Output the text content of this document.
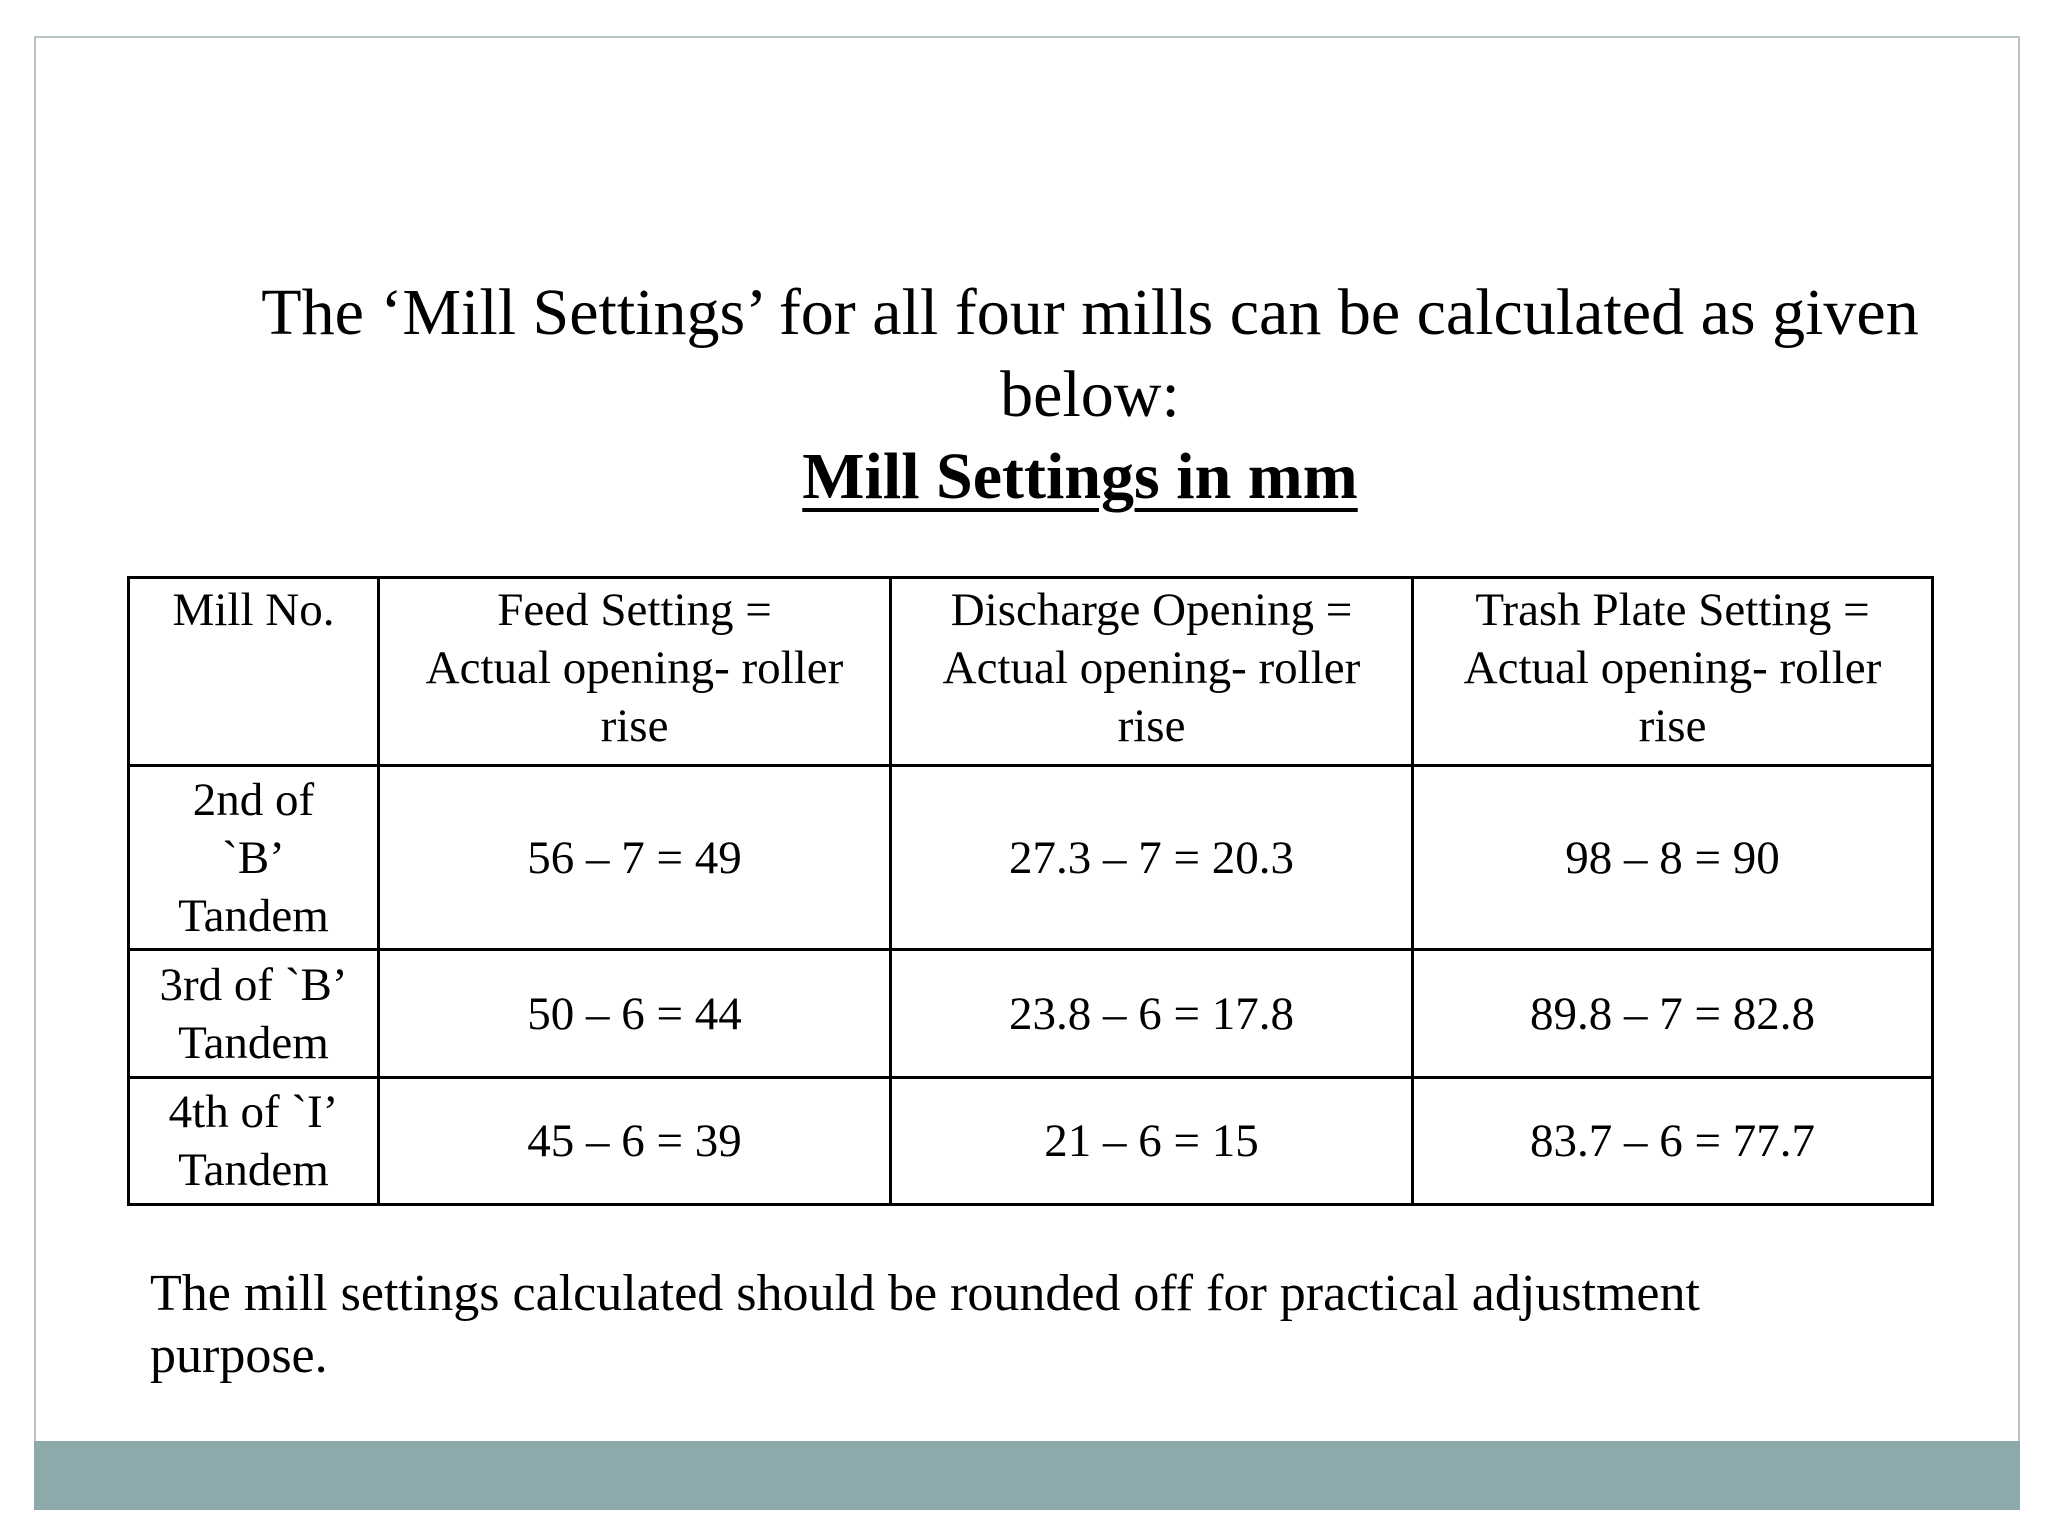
The ‘Mill Settings’ for all four mills can be calculated as given
below:
Mill Settings in mm
Mill No.	Feed Setting =
Actual opening- roller
rise	Discharge Opening =
Actual opening- roller
rise	Trash Plate Setting =
Actual opening- roller
rise

2nd of
`B’
Tandem	56 – 7 = 49	27.3 – 7 = 20.3	98 – 8 = 90

3rd of `B’
Tandem	50 – 6 = 44	23.8 – 6 = 17.8	89.8 – 7 = 82.8

4th of `I’
Tandem	45 – 6 = 39	21 – 6 = 15	83.7 – 6 = 77.7
The mill settings calculated should be rounded off for practical adjustment
purpose.
